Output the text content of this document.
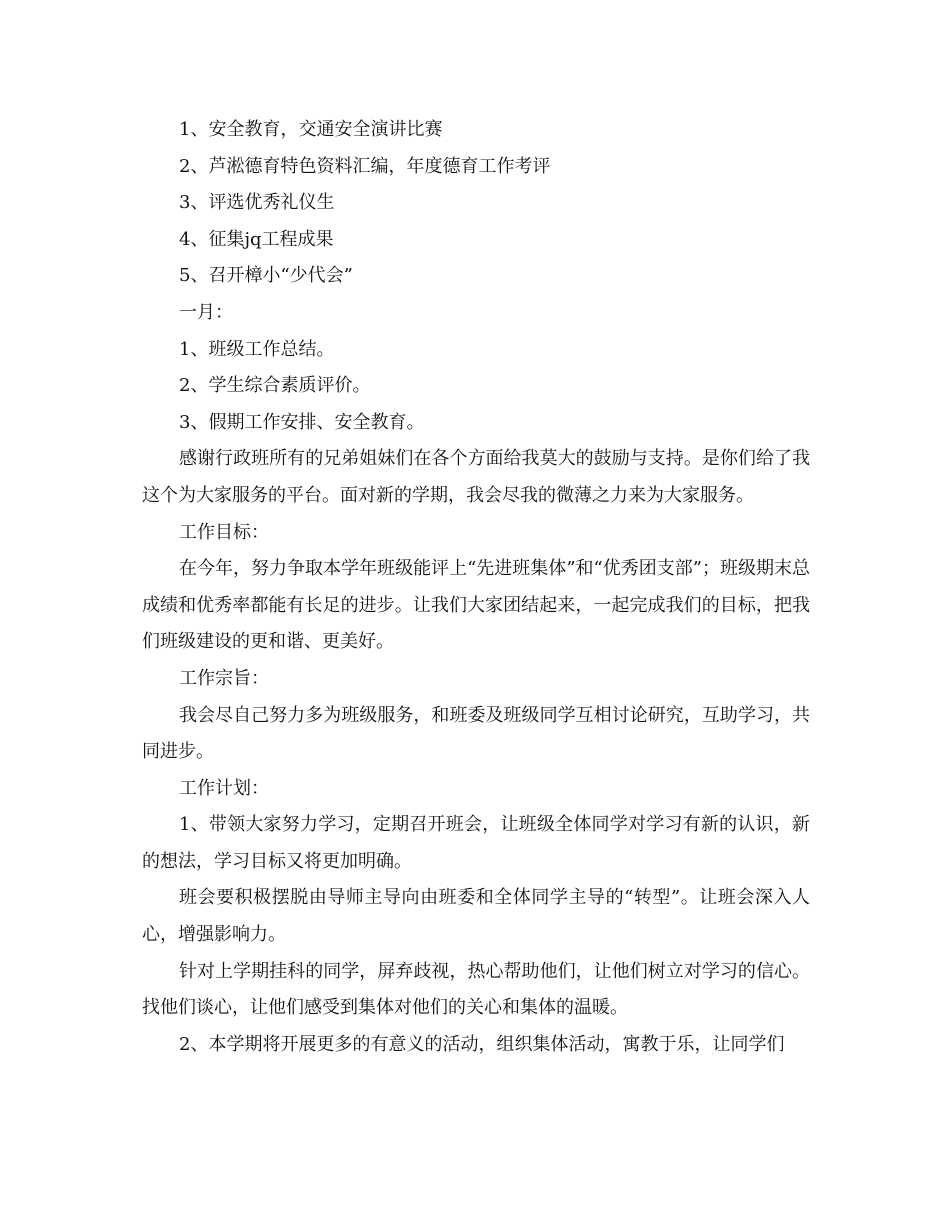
1、安全教育，交通安全演讲比赛

2、芦淞德育特色资料汇编，年度德育工作考评

3、评选优秀礼仪生

4、征集jq工程成果

5、召开樟小“少代会”

一月：

1、班级工作总结。

2、学生综合素质评价。

3、假期工作安排、安全教育。

感谢行政班所有的兄弟姐妹们在各个方面给我莫大的鼓励与支持。是你们给了我这个为大家服务的平台。面对新的学期，我会尽我的微薄之力来为大家服务。

工作目标：

在今年，努力争取本学年班级能评上“先进班集体”和“优秀团支部”；班级期末总成绩和优秀率都能有长足的进步。让我们大家团结起来，一起完成我们的目标，把我们班级建设的更和谐、更美好。

工作宗旨：

我会尽自己努力多为班级服务，和班委及班级同学互相讨论研究，互助学习，共同进步。

工作计划：

1、带领大家努力学习，定期召开班会，让班级全体同学对学习有新的认识，新的想法，学习目标又将更加明确。

班会要积极摆脱由导师主导向由班委和全体同学主导的“转型”。让班会深入人心，增强影响力。

针对上学期挂科的同学，屏弃歧视，热心帮助他们，让他们树立对学习的信心。找他们谈心，让他们感受到集体对他们的关心和集体的温暖。

2、本学期将开展更多的有意义的活动，组织集体活动，寓教于乐，让同学们
